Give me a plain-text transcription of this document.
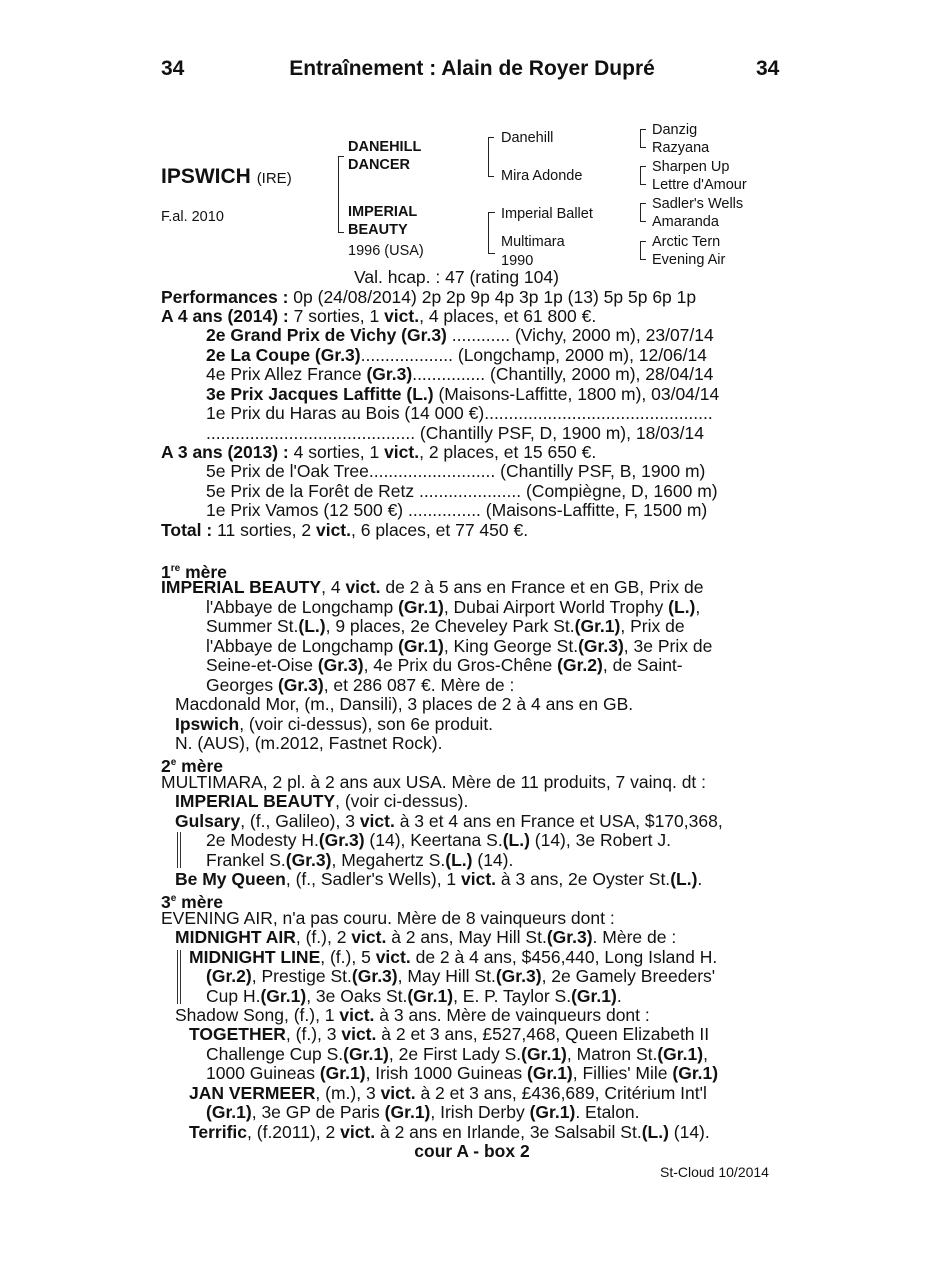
34	Entraînement : Alain de Royer Dupré	34
IPSWICH (IRE)
F.al. 2010
DANEHILL
DANCER
IMPERIAL
BEAUTY
1996 (USA)
Danehill
Mira Adonde
Imperial Ballet
Multimara
1990
Danzig
Razyana
Sharpen Up
Lettre d'Amour
Sadler's Wells
Amaranda
Arctic Tern
Evening Air
Val. hcap. : 47 (rating 104)
Performances : 0p (24/08/2014) 2p 2p 9p 4p 3p 1p (13) 5p 5p 6p 1p
A 4 ans (2014) : 7 sorties, 1 vict., 4 places, et 61 800 €.
2e Grand Prix de Vichy (Gr.3) ............ (Vichy, 2000 m), 23/07/14
2e La Coupe (Gr.3)................... (Longchamp, 2000 m), 12/06/14
4e Prix Allez France (Gr.3)............... (Chantilly, 2000 m), 28/04/14
3e Prix Jacques Laffitte (L.) (Maisons-Laffitte, 1800 m), 03/04/14
1e Prix du Haras au Bois (14 000 €)...............................................
........................................... (Chantilly PSF, D, 1900 m), 18/03/14
A 3 ans (2013) : 4 sorties, 1 vict., 2 places, et 15 650 €.
5e Prix de l'Oak Tree.......................... (Chantilly PSF, B, 1900 m)
5e Prix de la Forêt de Retz ..................... (Compiègne, D, 1600 m)
1e Prix Vamos (12 500 €) ............... (Maisons-Laffitte, F, 1500 m)
Total : 11 sorties, 2 vict., 6 places, et 77 450 €.
1re mère
IMPERIAL BEAUTY, 4 vict. de 2 à 5 ans en France et en GB, Prix de
l'Abbaye de Longchamp (Gr.1), Dubai Airport World Trophy (L.),
Summer St.(L.), 9 places, 2e Cheveley Park St.(Gr.1), Prix de
l'Abbaye de Longchamp (Gr.1), King George St.(Gr.3), 3e Prix de
Seine-et-Oise (Gr.3), 4e Prix du Gros-Chêne (Gr.2), de Saint-
Georges (Gr.3), et 286 087 €. Mère de :
Macdonald Mor, (m., Dansili), 3 places de 2 à 4 ans en GB.
Ipswich, (voir ci-dessus), son 6e produit.
N. (AUS), (m.2012, Fastnet Rock).
2e mère
MULTIMARA, 2 pl. à 2 ans aux USA. Mère de 11 produits, 7 vainq. dt :
IMPERIAL BEAUTY, (voir ci-dessus).
Gulsary, (f., Galileo), 3 vict. à 3 et 4 ans en France et USA, $170,368,
2e Modesty H.(Gr.3) (14), Keertana S.(L.) (14), 3e Robert J.
Frankel S.(Gr.3), Megahertz S.(L.) (14).
Be My Queen, (f., Sadler's Wells), 1 vict. à 3 ans, 2e Oyster St.(L.).
3e mère
EVENING AIR, n'a pas couru. Mère de 8 vainqueurs dont :
MIDNIGHT AIR, (f.), 2 vict. à 2 ans, May Hill St.(Gr.3). Mère de :
MIDNIGHT LINE, (f.), 5 vict. de 2 à 4 ans, $456,440, Long Island H.
(Gr.2), Prestige St.(Gr.3), May Hill St.(Gr.3), 2e Gamely Breeders'
Cup H.(Gr.1), 3e Oaks St.(Gr.1), E. P. Taylor S.(Gr.1).
Shadow Song, (f.), 1 vict. à 3 ans. Mère de vainqueurs dont :
TOGETHER, (f.), 3 vict. à 2 et 3 ans, £527,468, Queen Elizabeth II
Challenge Cup S.(Gr.1), 2e First Lady S.(Gr.1), Matron St.(Gr.1),
1000 Guineas (Gr.1), Irish 1000 Guineas (Gr.1), Fillies' Mile (Gr.1)
JAN VERMEER, (m.), 3 vict. à 2 et 3 ans, £436,689, Critérium Int'l
(Gr.1), 3e GP de Paris (Gr.1), Irish Derby (Gr.1). Etalon.
Terrific, (f.2011), 2 vict. à 2 ans en Irlande, 3e Salsabil St.(L.) (14).
cour A - box 2
St-Cloud 10/2014
